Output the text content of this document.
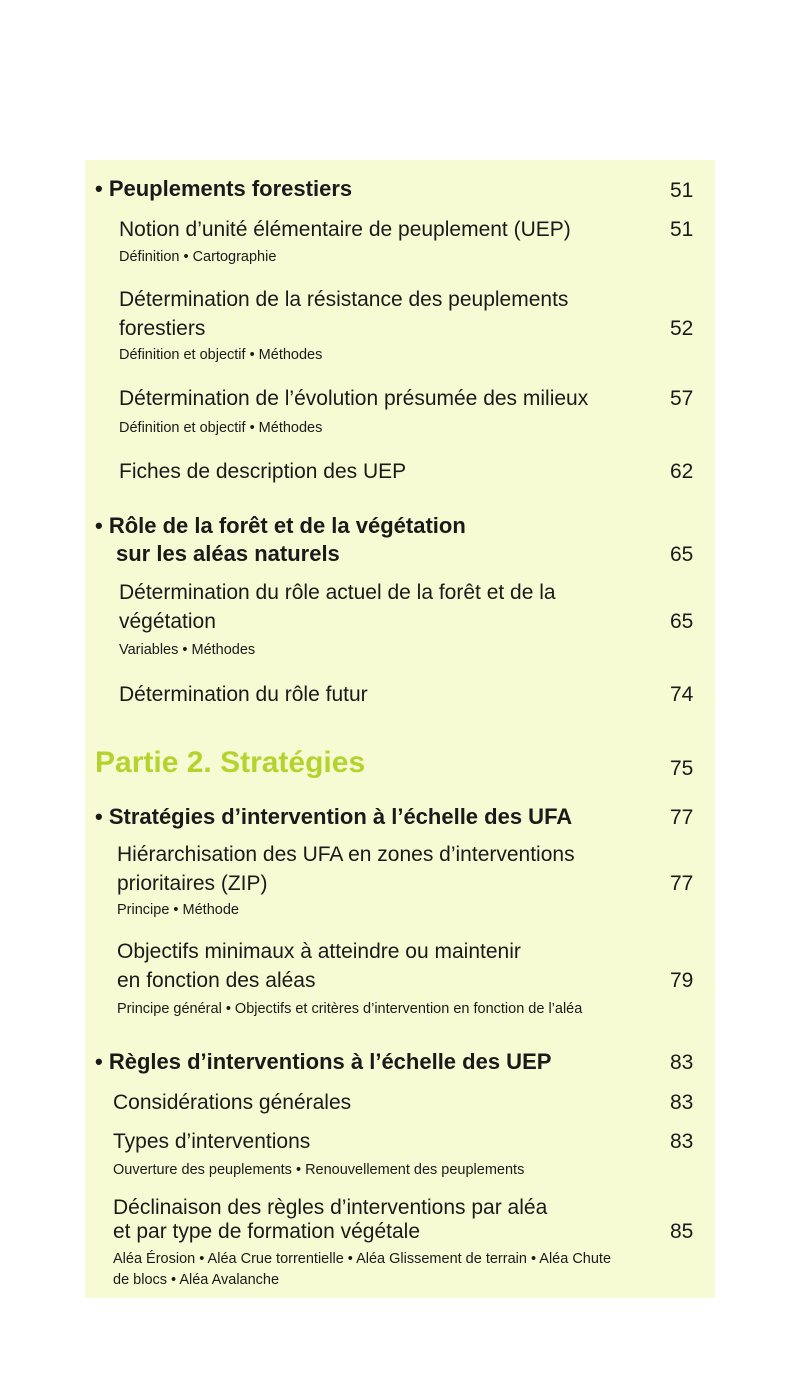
• Peuplements forestiers	51
Notion d’unité élémentaire de peuplement (UEP)	51
Définition • Cartographie
Détermination de la résistance des peuplements
forestiers	52
Définition et objectif • Méthodes
Détermination de l’évolution présumée des milieux	57
Définition et objectif • Méthodes
Fiches de description des UEP	62
• Rôle de la forêt et de la végétation
sur les aléas naturels	65
Détermination du rôle actuel de la forêt et de la
végétation	65
Variables • Méthodes
Détermination du rôle futur	74
Partie 2. Stratégies	75
• Stratégies d’intervention à l’échelle des UFA	77
Hiérarchisation des UFA en zones d’interventions
prioritaires (ZIP)	77
Principe • Méthode
Objectifs minimaux à atteindre ou maintenir
en fonction des aléas	79
Principe général • Objectifs et critères d’intervention en fonction de l’aléa
• Règles d’interventions à l’échelle des UEP	83
Considérations générales	83
Types d’interventions	83
Ouverture des peuplements • Renouvellement des peuplements
Déclinaison des règles d’interventions par aléa
et par type de formation végétale	85
Aléa Érosion • Aléa Crue torrentielle • Aléa Glissement de terrain • Aléa Chute
de blocs • Aléa Avalanche
